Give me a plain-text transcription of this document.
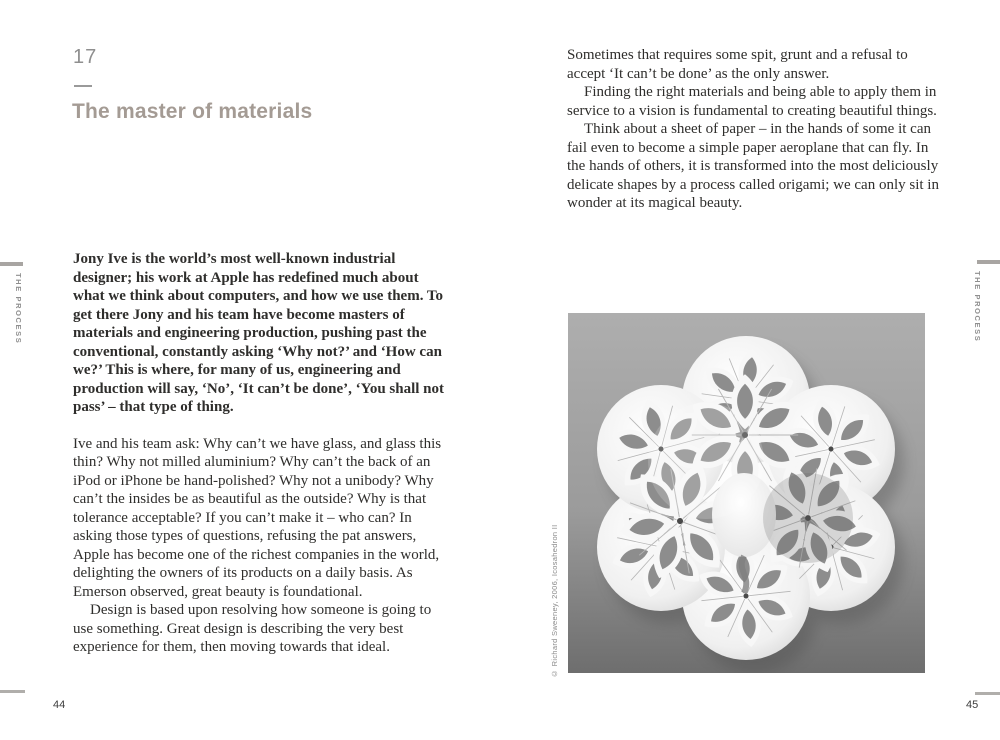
17
The master of materials

Jony Ive is the world’s most well-known industrial designer; his work at Apple has redefined much about what we think about computers, and how we use them. To get there Jony and his team have become masters of materials and engineering production, pushing past the conventional, constantly asking ‘Why not?’ and ‘How can we?’ This is where, for many of us, engineering and production will say, ‘No’, ‘It can’t be done’, ‘You shall not pass’ – that type of thing.

Ive and his team ask: Why can’t we have glass, and glass this thin? Why not milled aluminium? Why can’t the back of an iPod or iPhone be hand-polished? Why not a unibody? Why can’t the insides be as beautiful as the outside? Why is that tolerance acceptable? If you can’t make it – who can? In asking those types of questions, refusing the pat answers, Apple has become one of the richest companies in the world, delighting the owners of its products on a daily basis. As Emerson observed, great beauty is foundational.

Design is based upon resolving how someone is going to use something. Great design is describing the very best experience for them, then moving towards that ideal.

THE PROCESS
44

Sometimes that requires some spit, grunt and a refusal to accept ‘It can’t be done’ as the only answer.

Finding the right materials and being able to apply them in service to a vision is fundamental to creating beautiful things.

Think about a sheet of paper – in the hands of some it can fail even to become a simple paper aeroplane that can fly. In the hands of others, it is transformed into the most deliciously delicate shapes by a process called origami; we can only sit in wonder at its magical beauty.

© Richard Sweeney, 2006, Icosahedron II
THE PROCESS
45
